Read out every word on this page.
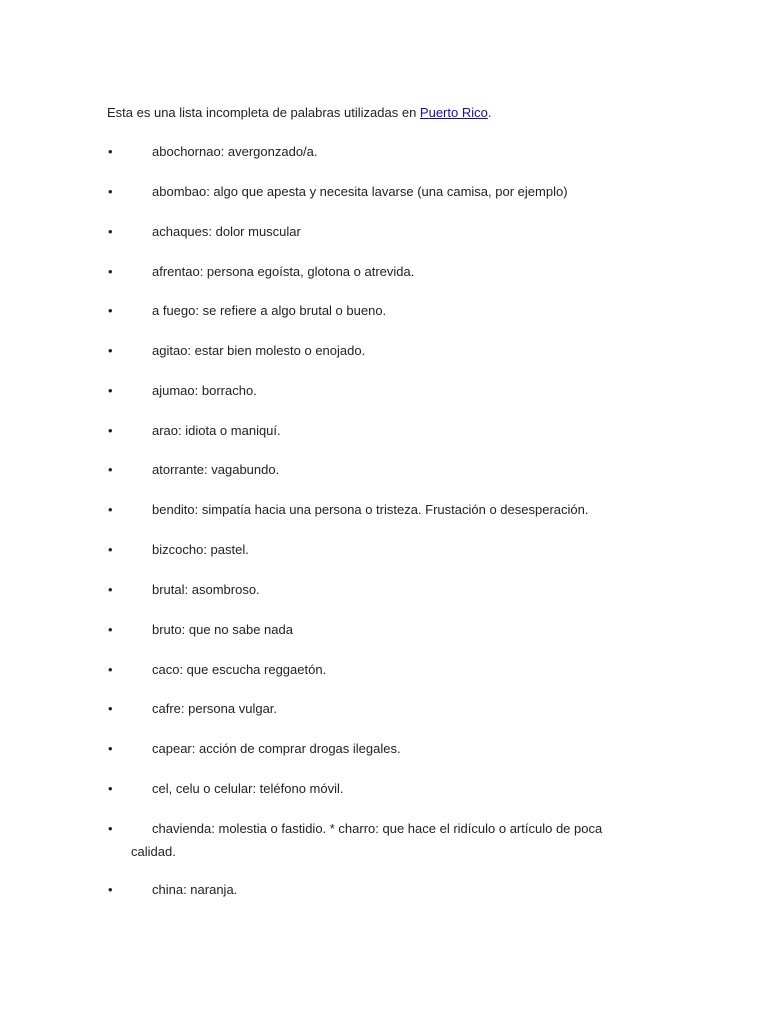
Esta es una lista incompleta de palabras utilizadas en Puerto Rico.

•	abochornao: avergonzado/a.
•	abombao: algo que apesta y necesita lavarse (una camisa, por ejemplo)
•	achaques: dolor muscular
•	afrentao: persona egoísta, glotona o atrevida.
•	a fuego: se refiere a algo brutal o bueno.
•	agitao: estar bien molesto o enojado.
•	ajumao: borracho.
•	arao: idiota o maniquí.
•	atorrante: vagabundo.
•	bendito: simpatía hacia una persona o tristeza. Frustación o desesperación.
•	bizcocho: pastel.
•	brutal: asombroso.
•	bruto: que no sabe nada
•	caco: que escucha reggaetón.
•	cafre: persona vulgar.
•	capear: acción de comprar drogas ilegales.
•	cel, celu o celular: teléfono móvil.
•	chavienda: molestia o fastidio. * charro: que hace el ridículo o artículo de poca
calidad.
•	china: naranja.
